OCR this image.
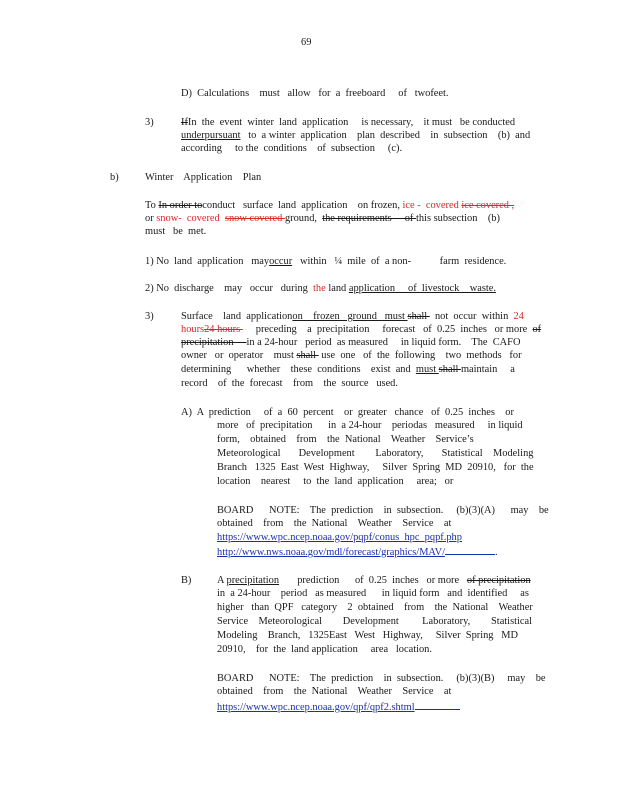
69
D) Calculations    must   allow   for  a  freeboard     of   twofeet.
3)	IfIn  the  event  winter  land  application     is necessary,    it must   be conducted
underpursuant   to  a winter  application    plan  described    in  subsection    (b)  and
according     to the  conditions    of  subsection     (c).
b)	Winter    Application    Plan
To In order toconduct   surface  land  application    on frozen, ice -  covered ice covered ,
or snow-  covered  snow covered ground,  the requirements     of this subsection    (b)
must   be  met.
1) No  land  application   mayoccur   within   ¼  mile  of  a non-           farm  residence.
2) No  discharge    may   occur   during  the land application     of  livestock    waste.
3)	Surface    land  applicationon    frozen   ground   must shall   not  occur  within  24
hours24 hours      preceding    a  precipitation     forecast   of  0.25  inches   or more  of
precipitation     in a 24-hour   period  as measured     in liquid form.    The  CAFO
owner   or  operator    must shall  use  one   of  the  following    two  methods   for
determining      whether    these  conditions    exist  and  must shall maintain     a
record    of  the  forecast    from    the  source   used.
A)  A  prediction     of  a  60  percent    or  greater   chance   of  0.25  inches    or
more   of  precipitation      in  a 24-hour    periodas   measured     in liquid
form,    obtained    from    the  National    Weather    Service’s
Meteorological       Development        Laboratory,       Statistical    Modeling
Branch   1325  East  West  Highway,     Silver  Spring  MD  20910,   for  the
location    nearest     to  the  land  application     area;   or
BOARD      NOTE:    The  prediction    in  subsection.     (b)(3)(A)      may    be
obtained    from    the  National    Weather    Service    at
https://www.wpc.ncep.noaa.gov/pqpf/conus_hpc_pqpf.php
http://www.nws.noaa.gov/mdl/forecast/graphics/MAV/	.
B) A precipitation       prediction      of  0.25  inches   or more   of precipitation
in  a 24-hour    period   as measured      in liquid form   and  identified     as
higher   than  QPF   category    2  obtained    from    the  National    Weather
Service    Meteorological        Development         Laboratory,        Statistical
Modeling    Branch,   1325East   West   Highway,     Silver  Spring   MD
20910,    for  the  land application     area   location.
BOARD      NOTE:    The  prediction    in  subsection.     (b)(3)(B)     may    be
obtained    from    the  National    Weather    Service    at
https://www.wpc.ncep.noaa.gov/qpf/qpf2.shtml
